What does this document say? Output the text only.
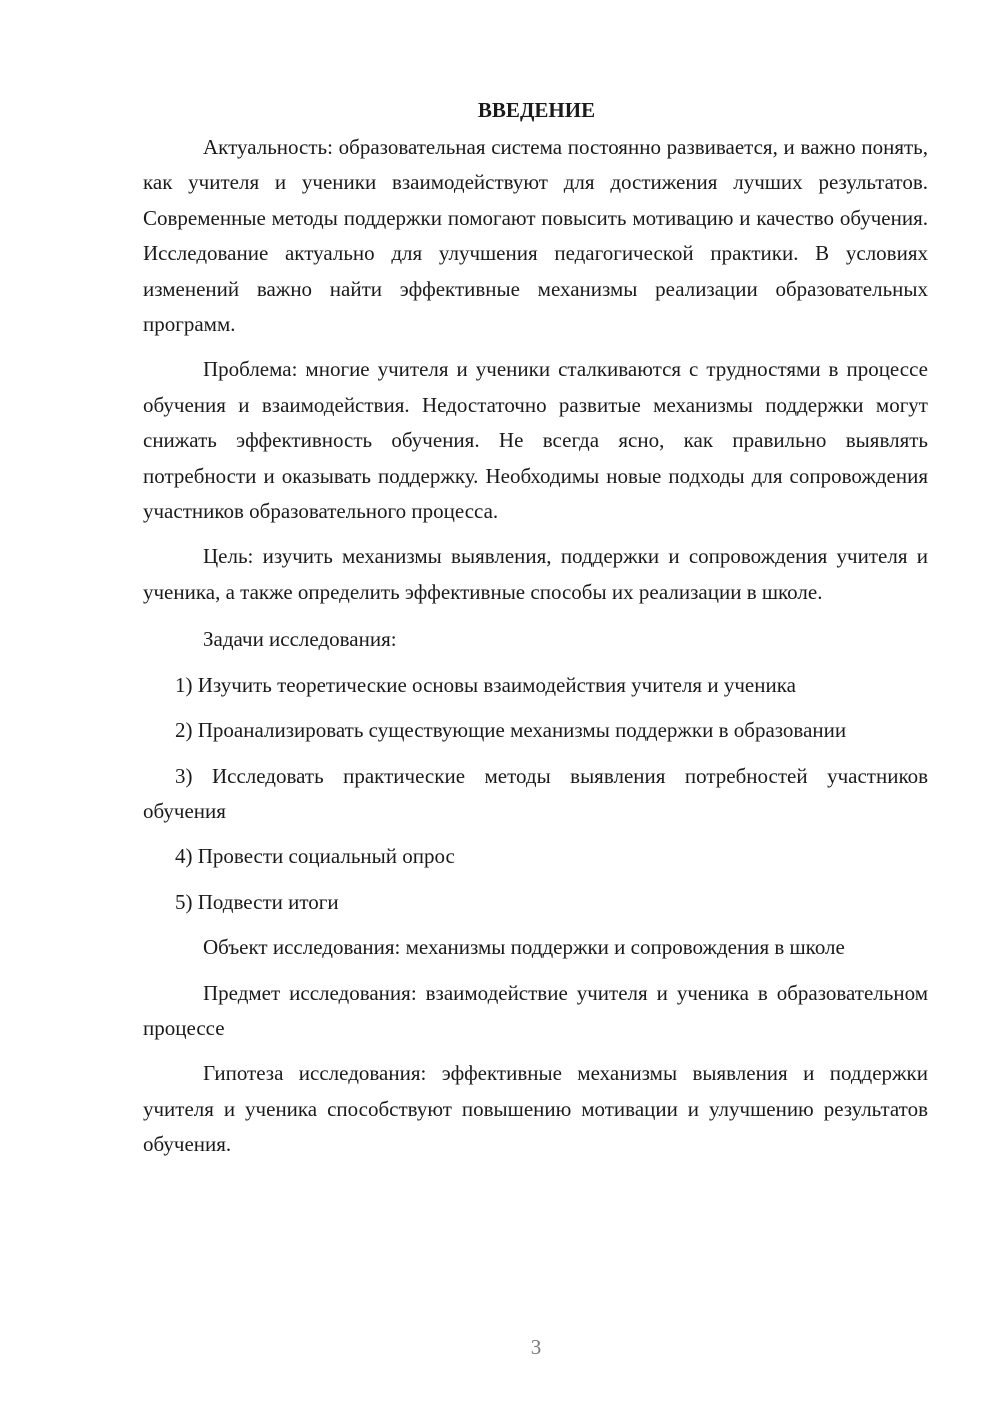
ВВЕДЕНИЕ

Актуальность: образовательная система постоянно развивается, и важно понять, как учителя и ученики взаимодействуют для достижения лучших результатов. Современные методы поддержки помогают повысить мотивацию и качество обучения. Исследование актуально для улучшения педагогической практики. В условиях изменений важно найти эффективные механизмы реализации образовательных программ.

Проблема: многие учителя и ученики сталкиваются с трудностями в процессе обучения и взаимодействия. Недостаточно развитые механизмы поддержки могут снижать эффективность обучения. Не всегда ясно, как правильно выявлять потребности и оказывать поддержку. Необходимы новые подходы для сопровождения участников образовательного процесса.

Цель: изучить механизмы выявления, поддержки и сопровождения учителя и ученика, а также определить эффективные способы их реализации в школе.

Задачи исследования:

1) Изучить теоретические основы взаимодействия учителя и ученика

2) Проанализировать существующие механизмы поддержки в образовании

3) Исследовать практические методы выявления потребностей участников обучения

4) Провести социальный опрос

5) Подвести итоги

Объект исследования: механизмы поддержки и сопровождения в школе

Предмет исследования: взаимодействие учителя и ученика в образовательном процессе

Гипотеза исследования: эффективные механизмы выявления и поддержки учителя и ученика способствуют повышению мотивации и улучшению результатов обучения.

3
